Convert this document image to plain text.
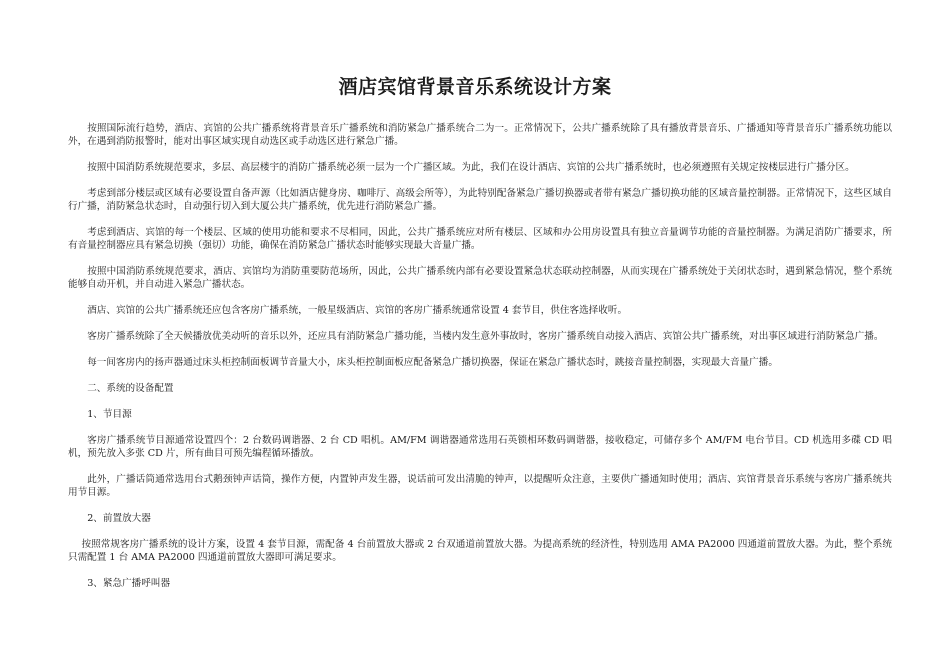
酒店宾馆背景音乐系统设计方案

按照国际流行趋势，酒店、宾馆的公共广播系统将背景音乐广播系统和消防紧急广播系统合二为一。正常情况下，公共广播系统除了具有播放背景音乐、广播通知等背景音乐广播系统功能以外，在遇到消防报警时，能对出事区域实现自动选区或手动选区进行紧急广播。

按照中国消防系统规范要求，多层、高层楼宇的消防广播系统必须一层为一个广播区域。为此，我们在设计酒店、宾馆的公共广播系统时，也必须遵照有关规定按楼层进行广播分区。

考虑到部分楼层或区域有必要设置自备声源（比如酒店健身房、咖啡厅、高级会所等），为此特别配备紧急广播切换器或者带有紧急广播切换功能的区域音量控制器。正常情况下，这些区域自行广播，消防紧急状态时，自动强行切入到大厦公共广播系统，优先进行消防紧急广播。

考虑到酒店、宾馆的每一个楼层、区域的使用功能和要求不尽相同，因此，公共广播系统应对所有楼层、区域和办公用房设置具有独立音量调节功能的音量控制器。为满足消防广播要求，所有音量控制器应具有紧急切换（强切）功能，确保在消防紧急广播状态时能够实现最大音量广播。

按照中国消防系统规范要求，酒店、宾馆均为消防重要防范场所，因此，公共广播系统内部有必要设置紧急状态联动控制器，从而实现在广播系统处于关闭状态时，遇到紧急情况，整个系统能够自动开机，并自动进入紧急广播状态。

酒店、宾馆的公共广播系统还应包含客房广播系统，一般星级酒店、宾馆的客房广播系统通常设置 4 套节目，供住客选择收听。

客房广播系统除了全天候播放优美动听的音乐以外，还应具有消防紧急广播功能，当楼内发生意外事故时，客房广播系统自动接入酒店、宾馆公共广播系统，对出事区域进行消防紧急广播。

每一间客房内的扬声器通过床头柜控制面板调节音量大小，床头柜控制面板应配备紧急广播切换器，保证在紧急广播状态时，跳接音量控制器，实现最大音量广播。

二、系统的设备配置

1、节目源

客房广播系统节目源通常设置四个：2 台数码调谐器、2 台 CD 唱机。AM/FM 调谐器通常选用石英锁相环数码调谐器，接收稳定，可储存多个 AM/FM 电台节目。CD 机选用多碟 CD 唱机，预先放入多张 CD 片，所有曲目可预先编程循环播放。

此外，广播话筒通常选用台式鹅颈钟声话筒，操作方便，内置钟声发生器，说话前可发出清脆的钟声，以提醒听众注意，主要供广播通知时使用；酒店、宾馆背景音乐系统与客房广播系统共用节目源。

2、前置放大器

按照常规客房广播系统的设计方案，设置 4 套节目源，需配备 4 台前置放大器或 2 台双通道前置放大器。为提高系统的经济性，特别选用 AMA PA2000 四通道前置放大器。为此，整个系统只需配置 1 台 AMA PA2000 四通道前置放大器即可满足要求。

3、紧急广播呼叫器
